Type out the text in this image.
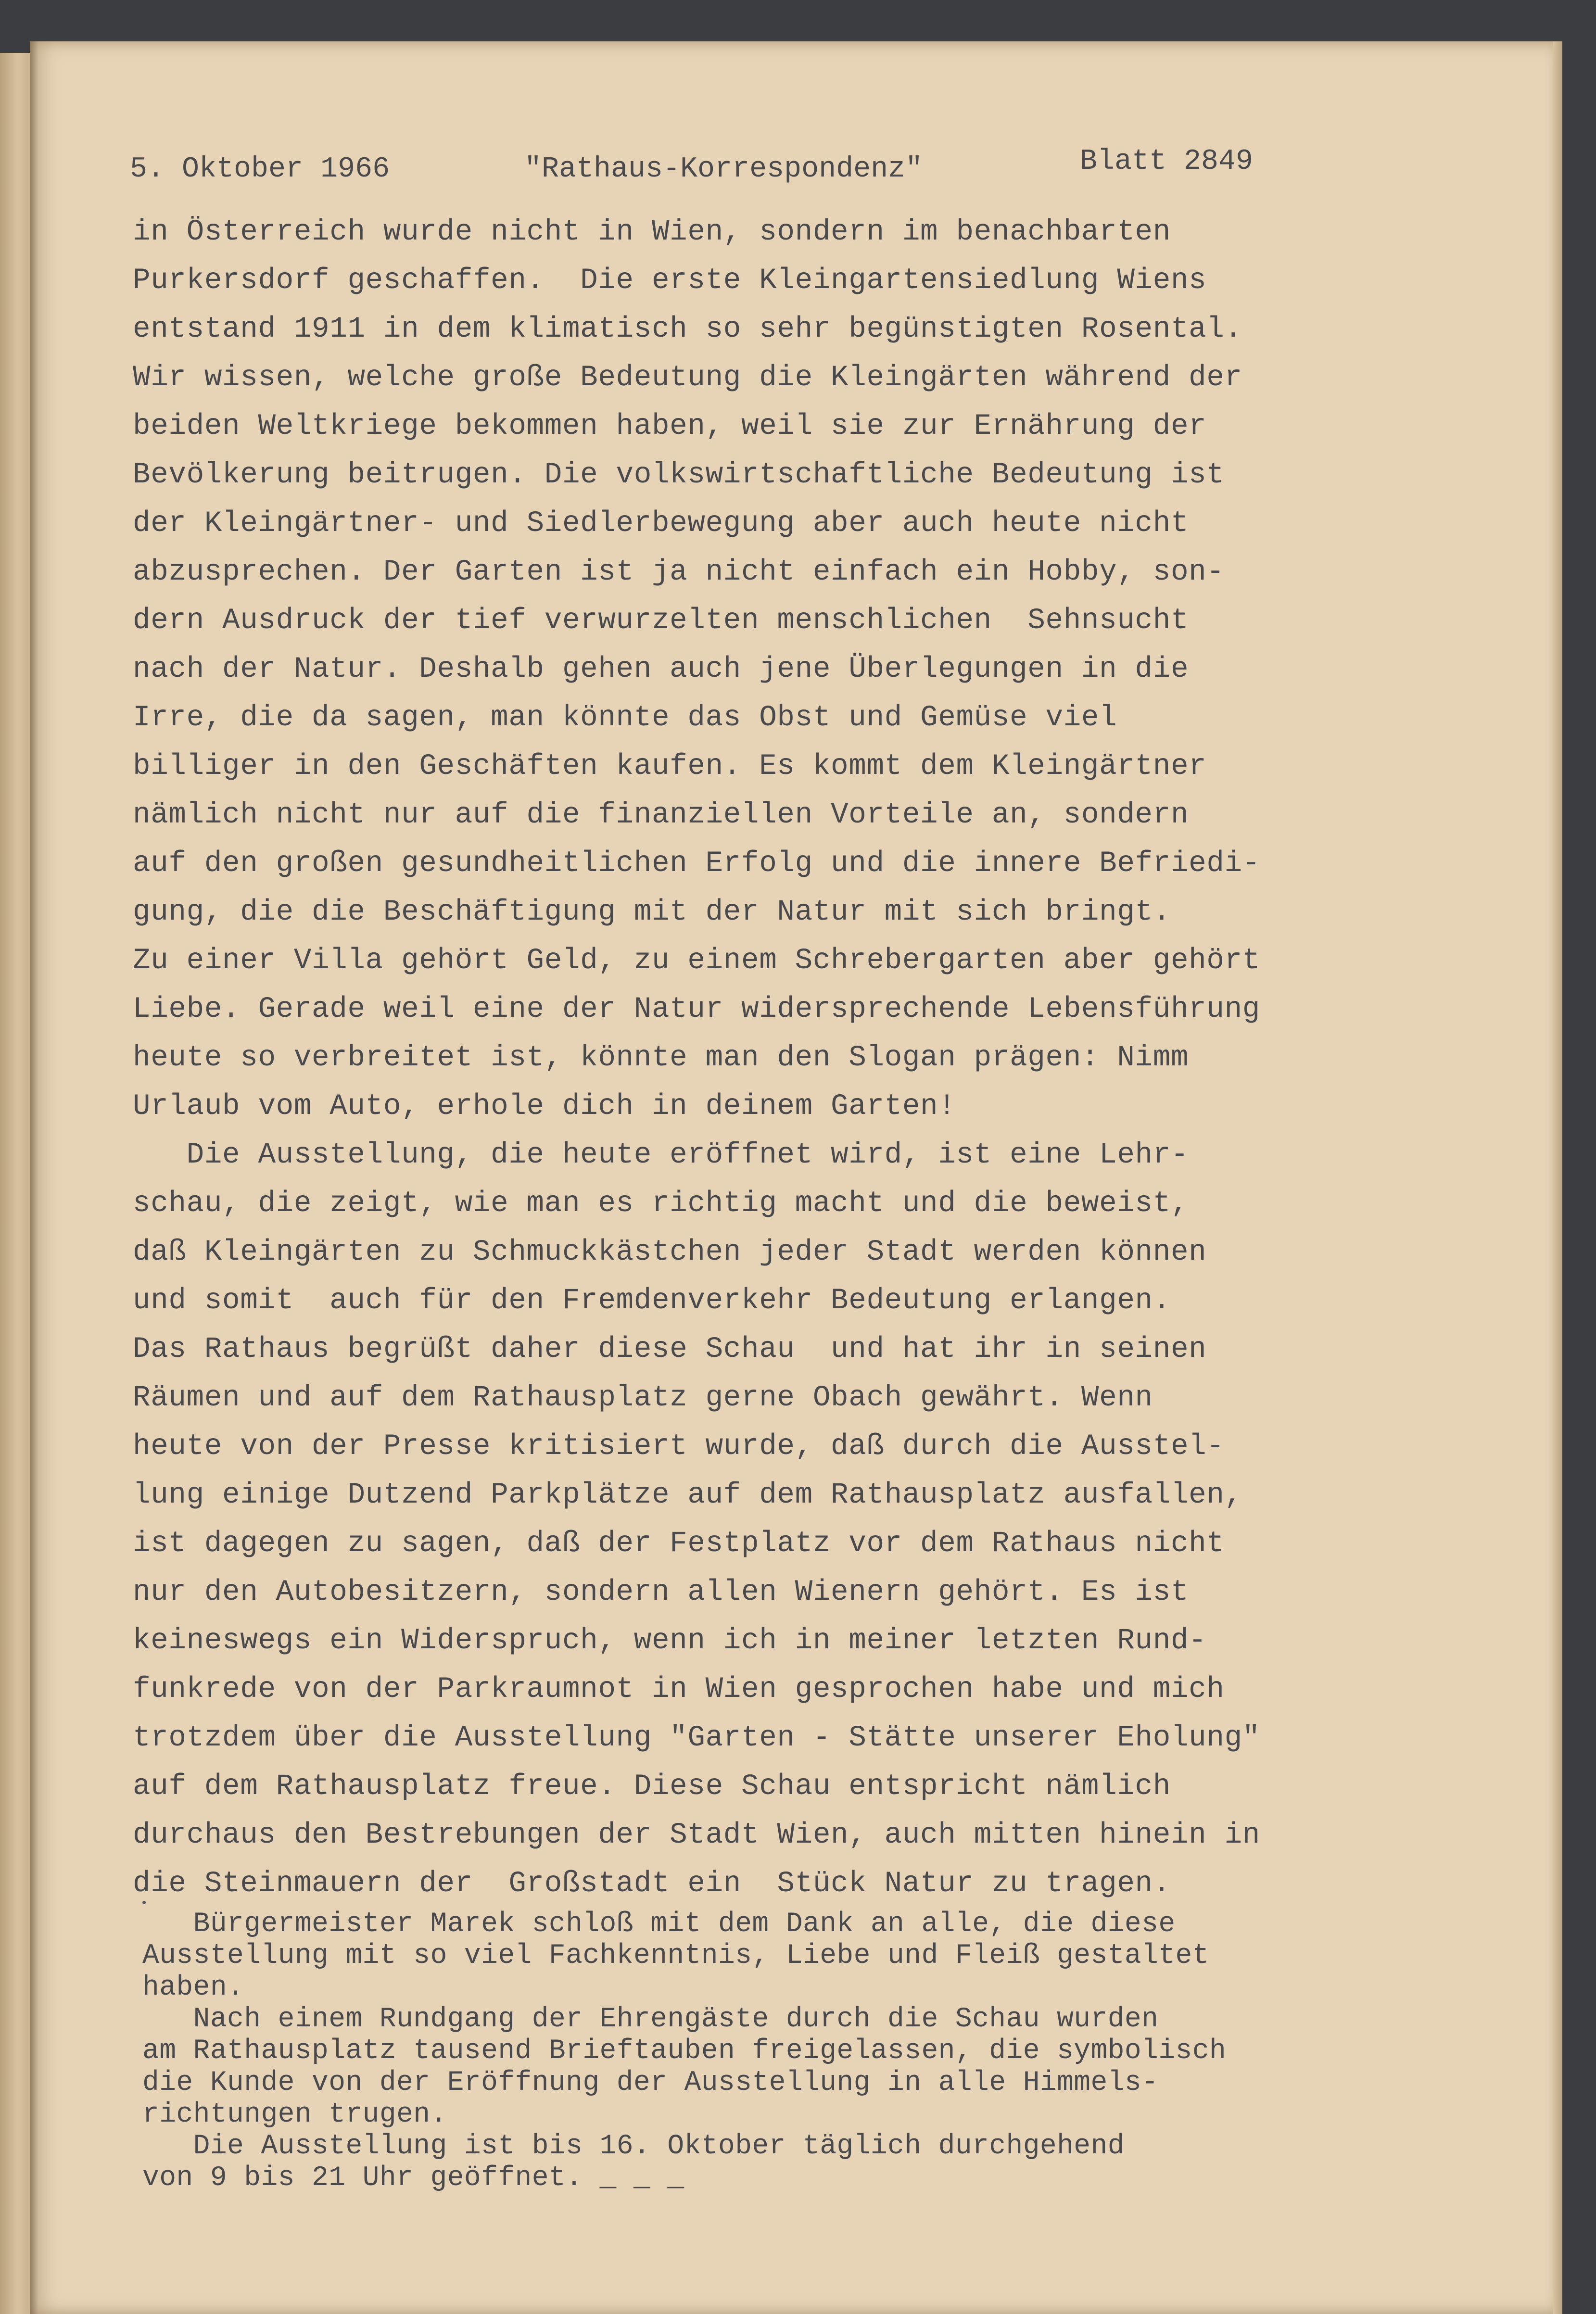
5. Oktober 1966	"Rathaus-Korrespondenz"	Blatt 2849

in Österreich wurde nicht in Wien, sondern im benachbarten

Purkersdorf geschaffen.  Die erste Kleingartensiedlung Wiens

entstand 1911 in dem klimatisch so sehr begünstigten Rosental.

Wir wissen, welche große Bedeutung die Kleingärten während der

beiden Weltkriege bekommen haben, weil sie zur Ernährung der

Bevölkerung beitrugen. Die volkswirtschaftliche Bedeutung ist

der Kleingärtner- und Siedlerbewegung aber auch heute nicht

abzusprechen. Der Garten ist ja nicht einfach ein Hobby, son-

dern Ausdruck der tief verwurzelten menschlichen  Sehnsucht

nach der Natur. Deshalb gehen auch jene Überlegungen in die

Irre, die da sagen, man könnte das Obst und Gemüse viel

billiger in den Geschäften kaufen. Es kommt dem Kleingärtner

nämlich nicht nur auf die finanziellen Vorteile an, sondern

auf den großen gesundheitlichen Erfolg und die innere Befriedi-

gung, die die Beschäftigung mit der Natur mit sich bringt.

Zu einer Villa gehört Geld, zu einem Schrebergarten aber gehört

Liebe. Gerade weil eine der Natur widersprechende Lebensführung

heute so verbreitet ist, könnte man den Slogan prägen: Nimm

Urlaub vom Auto, erhole dich in deinem Garten!

Die Ausstellung, die heute eröffnet wird, ist eine Lehr-

schau, die zeigt, wie man es richtig macht und die beweist,

daß Kleingärten zu Schmuckkästchen jeder Stadt werden können

und somit  auch für den Fremdenverkehr Bedeutung erlangen.

Das Rathaus begrüßt daher diese Schau  und hat ihr in seinen

Räumen und auf dem Rathausplatz gerne Obach gewährt. Wenn

heute von der Presse kritisiert wurde, daß durch die Ausstel-

lung einige Dutzend Parkplätze auf dem Rathausplatz ausfallen,

ist dagegen zu sagen, daß der Festplatz vor dem Rathaus nicht

nur den Autobesitzern, sondern allen Wienern gehört. Es ist

keineswegs ein Widerspruch, wenn ich in meiner letzten Rund-

funkrede von der Parkraumnot in Wien gesprochen habe und mich

trotzdem über die Ausstellung "Garten - Stätte unserer Eholung"

auf dem Rathausplatz freue. Diese Schau entspricht nämlich

durchaus den Bestrebungen der Stadt Wien, auch mitten hinein in

die Steinmauern der  Großstadt ein  Stück Natur zu tragen.

Bürgermeister Marek schloß mit dem Dank an alle, die diese

Ausstellung mit so viel Fachkenntnis, Liebe und Fleiß gestaltet

haben.

Nach einem Rundgang der Ehrengäste durch die Schau wurden

am Rathausplatz tausend Brieftauben freigelassen, die symbolisch

die Kunde von der Eröffnung der Ausstellung in alle Himmels-

richtungen trugen.

Die Ausstellung ist bis 16. Oktober täglich durchgehend

von 9 bis 21 Uhr geöffnet. _ _ _
